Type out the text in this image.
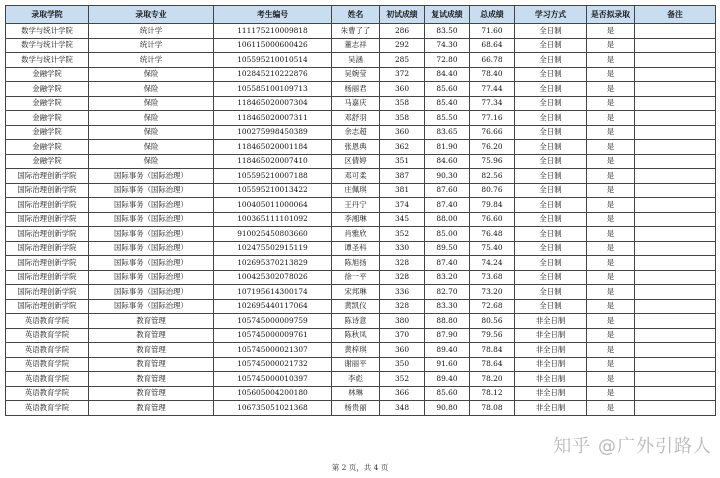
录取学院	录取专业	考生编号	姓名	初试成绩	复试成绩	总成绩	学习方式	是否拟录取	备注
数学与统计学院	统计学	111175210009818	朱曹了了	286	83.50	71.60	全日制	是	
数学与统计学院	统计学	106115000600426	董志祥	292	74.30	68.64	全日制	是	
数学与统计学院	统计学	105595210010514	吴涵	285	72.80	66.78	全日制	是	
金融学院	保险	102845210222876	吴婉莹	372	84.40	78.40	全日制	是	
金融学院	保险	105585100109713	杨丽君	360	85.60	77.44	全日制	是	
金融学院	保险	118465020007304	马嘉庆	358	85.40	77.34	全日制	是	
金融学院	保险	118465020007311	邓舒羽	358	85.50	77.16	全日制	是	
金融学院	保险	100275998450389	余志超	360	83.65	76.66	全日制	是	
金融学院	保险	118465020001184	张恩典	362	81.90	76.20	全日制	是	
金融学院	保险	118465020007410	区倩婷	351	84.60	75.96	全日制	是	
国际治理创新学院	国际事务（国际治理）	105595210007188	邓可柔	387	90.30	82.56	全日制	是	
国际治理创新学院	国际事务（国际治理）	105595210013422	庄佩琪	381	87.60	80.76	全日制	是	
国际治理创新学院	国际事务（国际治理）	100405011000064	王丹宁	374	87.40	79.84	全日制	是	
国际治理创新学院	国际事务（国际治理）	100365111101092	李湘琳	345	88.00	76.60	全日制	是	
国际治理创新学院	国际事务（国际治理）	910025450803660	肖雅欣	352	85.00	76.48	全日制	是	
国际治理创新学院	国际事务（国际治理）	102475502915119	谭圣科	330	89.50	75.40	全日制	是	
国际治理创新学院	国际事务（国际治理）	102695370213829	陈旭扬	328	87.40	74.24	全日制	是	
国际治理创新学院	国际事务（国际治理）	100425302078026	徐一平	328	83.20	73.68	全日制	是	
国际治理创新学院	国际事务（国际治理）	107195614300174	宋邦琳	336	82.70	73.20	全日制	是	
国际治理创新学院	国际事务（国际治理）	102695440117064	黄凯仪	328	83.30	72.68	全日制	是	
英语教育学院	教育管理	105745000009759	陈诗意	380	88.80	80.56	非全日制	是	
英语教育学院	教育管理	105745000009761	陈秋凤	370	87.90	79.56	非全日制	是	
英语教育学院	教育管理	105745000021307	黄梓琪	360	89.40	78.84	非全日制	是	
英语教育学院	教育管理	105745000021732	谢丽平	350	91.60	78.64	非全日制	是	
英语教育学院	教育管理	105745000010397	李彪	352	89.40	78.20	非全日制	是	
英语教育学院	教育管理	105605004200180	林琳	366	85.60	78.12	非全日制	是	
英语教育学院	教育管理	106735051021368	杨贵丽	348	90.80	78.08	非全日制	是	
第 2 页，共 4 页
知乎 @广外引路人
